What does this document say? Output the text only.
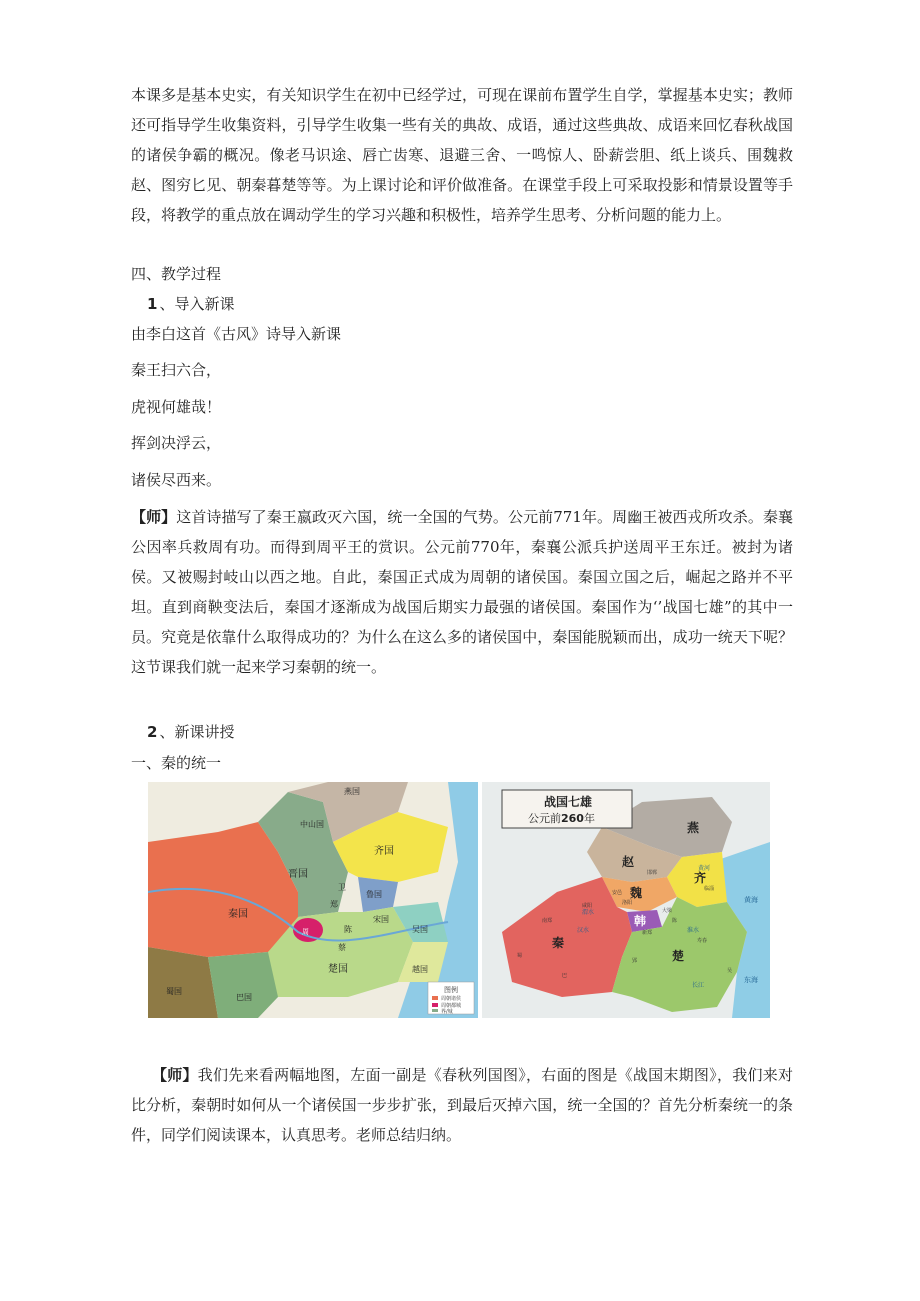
本课多是基本史实，有关知识学生在初中已经学过，可现在课前布置学生自学，掌握基本史实；教师还可指导学生收集资料，引导学生收集一些有关的典故、成语，通过这些典故、成语来回忆春秋战国的诸侯争霸的概况。像老马识途、唇亡齿寒、退避三舍、一鸣惊人、卧薪尝胆、纸上谈兵、围魏救赵、图穷匕见、朝秦暮楚等等。为上课讨论和评价做准备。在课堂手段上可采取投影和情景设置等手段，将教学的重点放在调动学生的学习兴趣和积极性，培养学生思考、分析问题的能力上。

四、教学过程

1 、导入新课

由李白这首《古风》诗导入新课

秦王扫六合，

虎视何雄哉！

挥剑决浮云，

诸侯尽西来。

【师】这首诗描写了秦王嬴政灭六国，统一全国的气势。公元前771年。周幽王被西戎所攻杀。秦襄公因率兵救周有功。而得到周平王的赏识。公元前770年，秦襄公派兵护送周平王东迁。被封为诸侯。又被赐封岐山以西之地。自此，秦国正式成为周朝的诸侯国。秦国立国之后，崛起之路并不平坦。直到商鞅变法后，秦国才逐渐成为战国后期实力最强的诸侯国。秦国作为‘’战国七雄”的其中一员。究竟是依靠什么取得成功的？为什么在这么多的诸侯国中，秦国能脱颖而出，成功一统天下呢？这节课我们就一起来学习秦朝的统一。

2 、新课讲授

一、秦的统一

图例
周朝诸侯
周朝都城
界/城
燕国
中山国
齐国
晋国
秦国
楚国
蜀国
巴国
鲁国
宋国
郑
卫
陈
蔡
吴国
越国
周
战国七雄
公元前260年
燕
赵
齐
魏
韩
秦
楚
黄河
汉水	淮水
长江
渭水
黄海
东海
邯郸
临淄
大梁
新郑
安邑
洛阳
咸阳
南郑
郢
巴
蜀
陈
寿春
吴

【师】我们先来看两幅地图，左面一副是《春秋列国图》，右面的图是《战国末期图》，我们来对比分析，秦朝时如何从一个诸侯国一步步扩张，到最后灭掉六国，统一全国的？首先分析秦统一的条件，同学们阅读课本，认真思考。老师总结归纳。
